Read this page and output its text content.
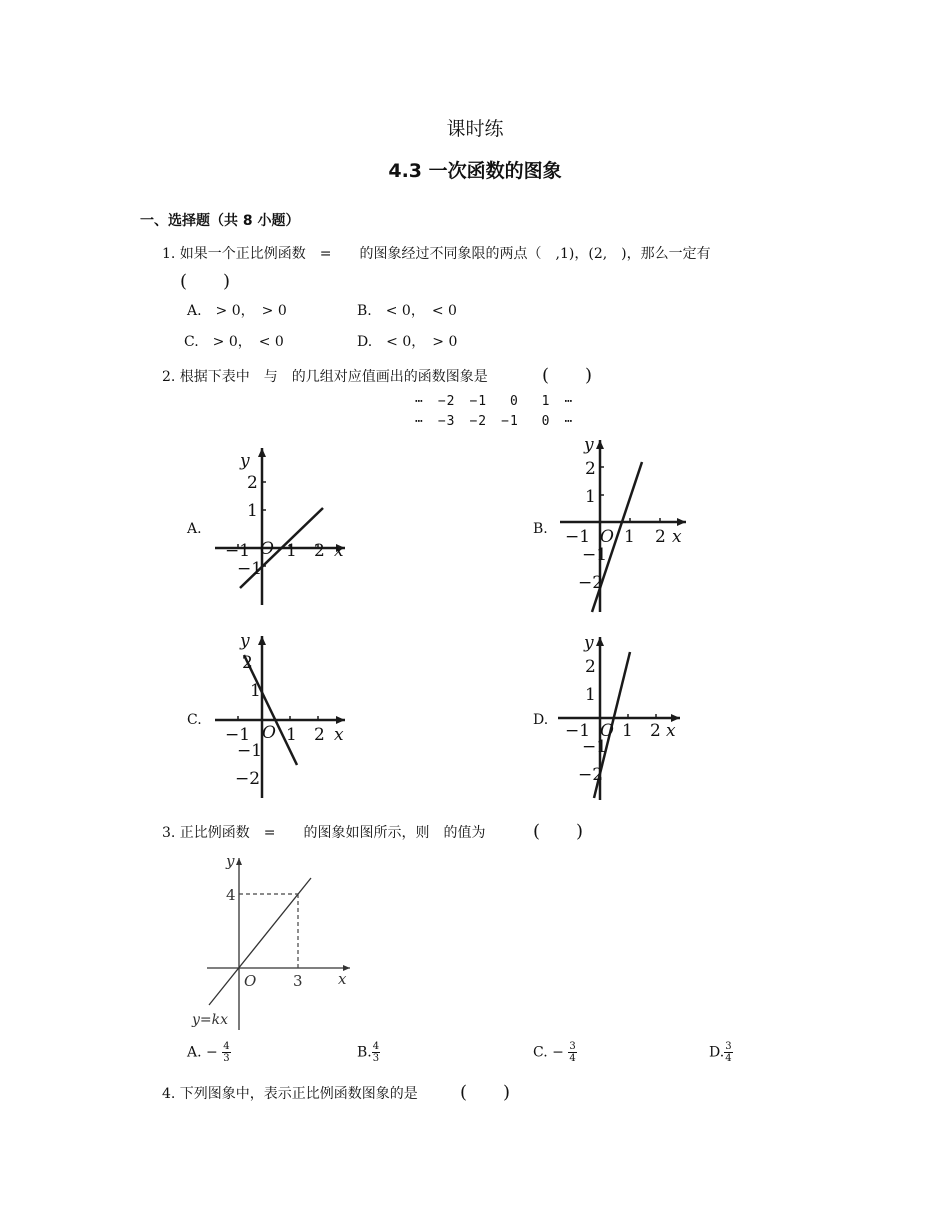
课时练
4.3 一次函数的图象
一、选择题（共 8 小题）
1. 如果一个正比例函数　=　　的图象经过不同象限的两点（　,1)，(2,　)，那么一定有
(　　)
A.　> 0，　> 0	B.　< 0，　< 0
C.　> 0，　< 0	D.　< 0，　> 0
2. 根据下表中　与　的几组对应值画出的函数图象是	(　　)
⋯　−2　−1　 0　 1　⋯
⋯　−3　−2　−1　 0　⋯
A.	B.
C.	D.
y
x
O
2
1
−1 1 2
−1
y
x
O
2
1
−1 1 2
−1
−2
y
x
O
2
1
−1 1 2
−1
−2
y
x
O
2
1
−1 1 2
−1
−2
3. 正比例函数　=　　的图象如图所示，则　的值为	(　　)
y
x
O 3
4
y=kx
A. − $\frac{4}{3}$	B. $\frac{4}{3}$	C. − $\frac{3}{4}$	D. $\frac{3}{4}$
4. 下列图象中，表示正比例函数图象的是 (　　)
